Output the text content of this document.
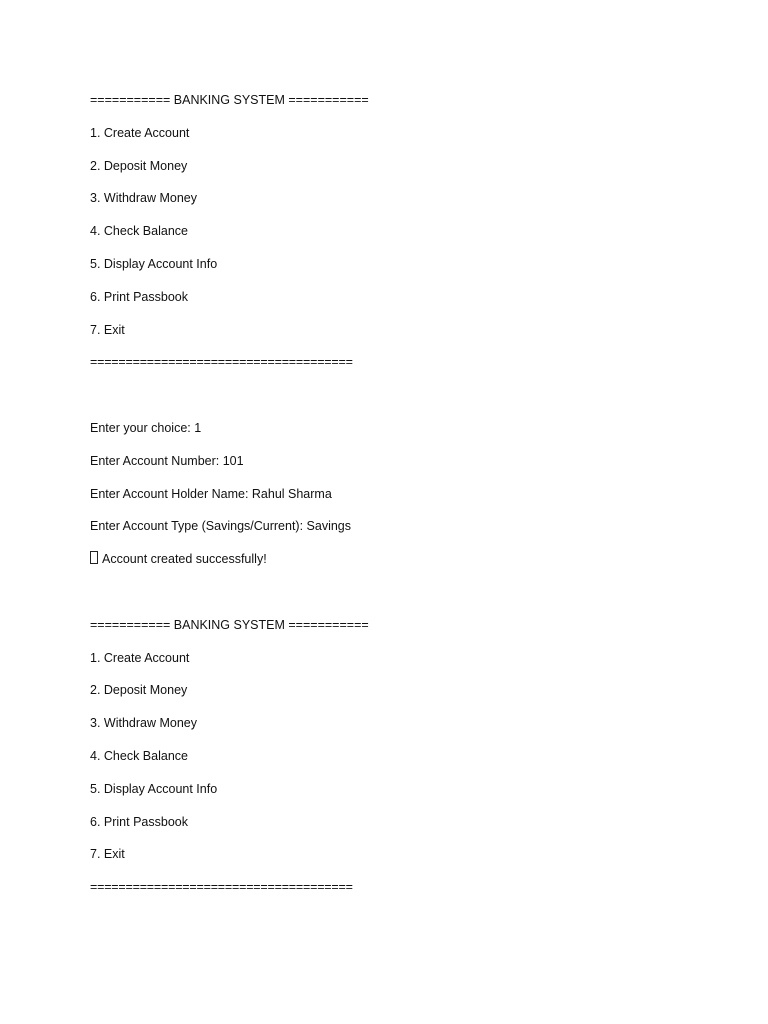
=========== BANKING SYSTEM ===========
1. Create Account
2. Deposit Money
3. Withdraw Money
4. Check Balance
5. Display Account Info
6. Print Passbook
7. Exit
=====================================
Enter your choice: 1
Enter Account Number: 101
Enter Account Holder Name: Rahul Sharma
Enter Account Type (Savings/Current): Savings
Account created successfully!
=========== BANKING SYSTEM ===========
1. Create Account
2. Deposit Money
3. Withdraw Money
4. Check Balance
5. Display Account Info
6. Print Passbook
7. Exit
=====================================
